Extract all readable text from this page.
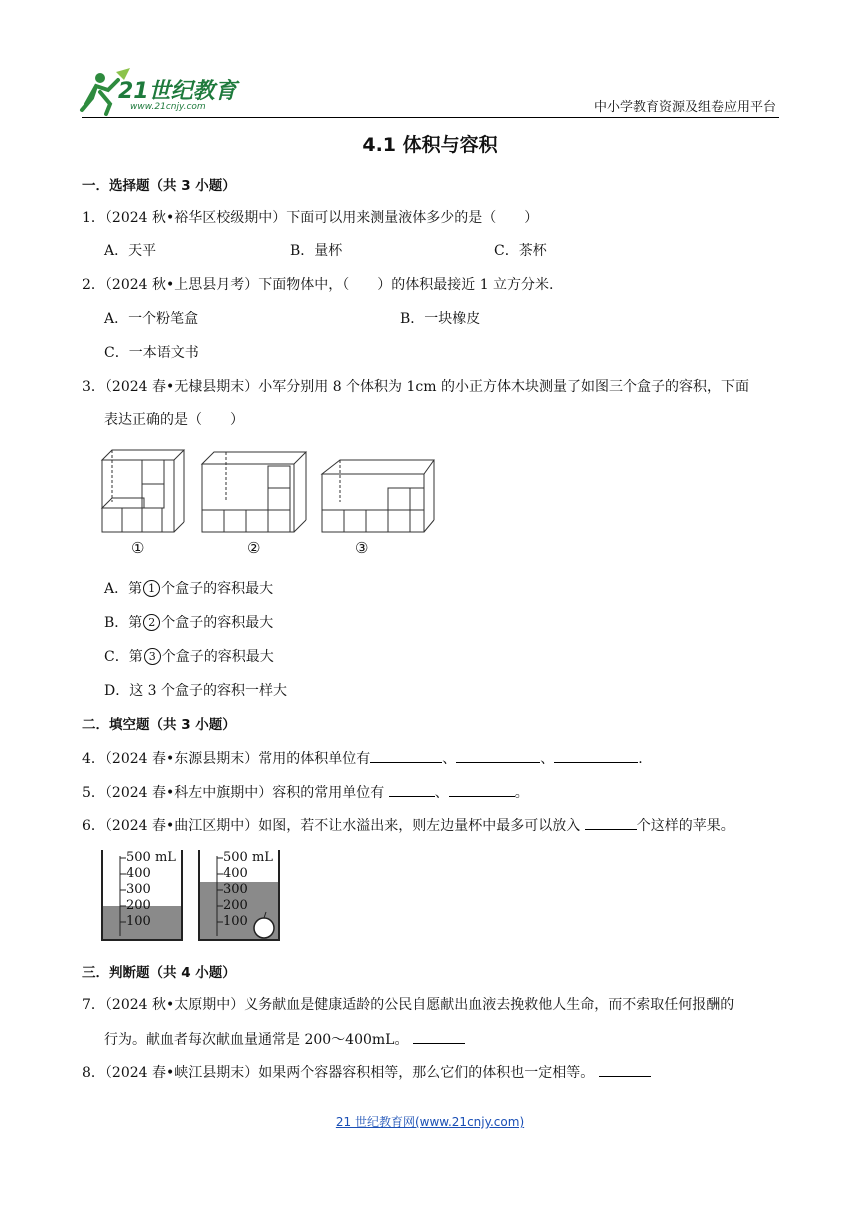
21世纪教育
www.21cnjy.com	中小学教育资源及组卷应用平台
4.1 体积与容积
一．选择题（共 3 小题）
1．（2024 秋•裕华区校级期中）下面可以用来测量液体多少的是（　　）
A．天平	B．量杯	C．茶杯
2．（2024 秋•上思县月考）下面物体中，（　　）的体积最接近 1 立方分米.
A．一个粉笔盒	B．一块橡皮
C．一本语文书
3．（2024 春•无棣县期末）小军分别用 8 个体积为 1cm 的小正方体木块测量了如图三个盒子的容积，下面
表达正确的是（　　）
①	②	③
A．第 1 个盒子的容积最大
B．第 2 个盒子的容积最大
C．第 3 个盒子的容积最大
D．这 3 个盒子的容积一样大
二．填空题（共 3 小题）
4．（2024 春•东源县期末）常用的体积单位有	、	、	.
5．（2024 春•科左中旗期中）容积的常用单位有	、	。
6．（2024 春•曲江区期中）如图，若不让水溢出来，则左边量杯中最多可以放入	个这样的苹果。
500 mL
400
300
200
100
500 mL
400
300
200
100
三．判断题（共 4 小题）
7．（2024 秋•太原期中）义务献血是健康适龄的公民自愿献出血液去挽救他人生命，而不索取任何报酬的
行为。献血者每次献血量通常是 200～400mL。
8．（2024 春•峡江县期末）如果两个容器容积相等，那么它们的体积也一定相等。
21 世纪教育网(www.21cnjy.com)
